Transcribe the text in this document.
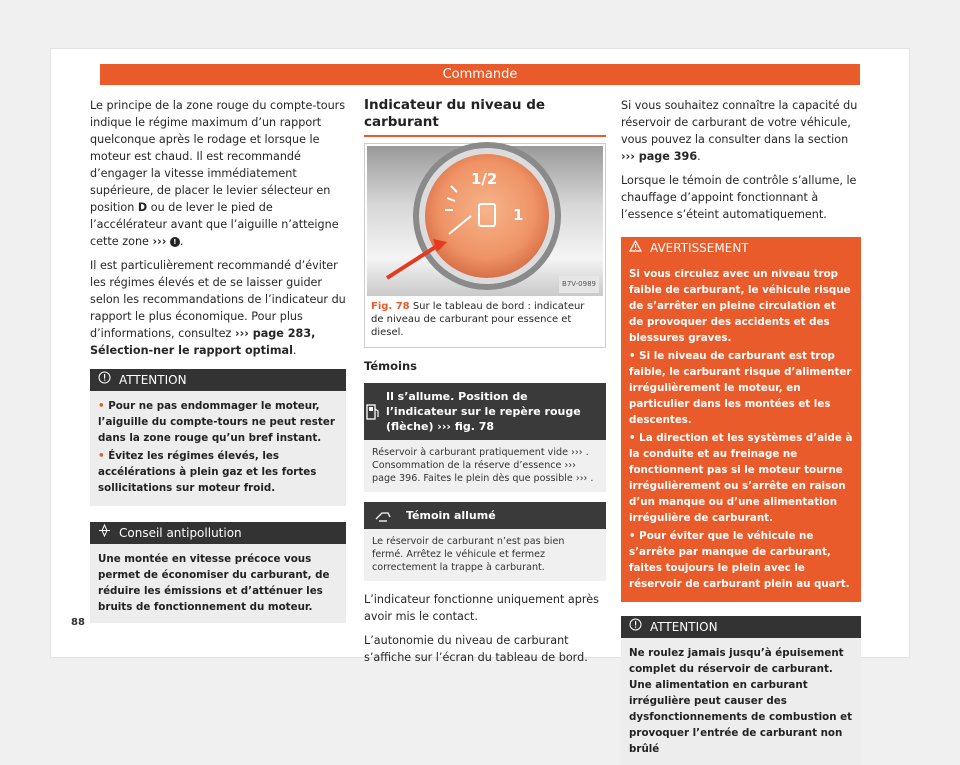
Commande

Le principe de la zone rouge du compte-tours indique le régime maximum d’un rapport quelconque après le rodage et lorsque le moteur est chaud. Il est recommandé d’engager la vitesse immédiatement supérieure, de placer le levier sélecteur en position D ou de lever le pied de l’accélérateur avant que l’aiguille n’atteigne cette zone ››› ! .

Il est particulièrement recommandé d’éviter les régimes élevés et de se laisser guider selon les recommandations de l’indicateur du rapport le plus économique. Pour plus d’informations, consultez ››› page 283, Sélection-ner le rapport optimal.

ATTENTION
• Pour ne pas endommager le moteur, l’aiguille du compte-tours ne peut rester dans la zone rouge qu’un bref instant.
• Évitez les régimes élevés, les accélérations à plein gaz et les fortes sollicitations sur moteur froid.
Conseil antipollution
Une montée en vitesse précoce vous permet de économiser du carburant, de réduire les émissions et d’atténuer les bruits de fonctionnement du moteur.
Indicateur du niveau de carburant
1/2
1
B7V-0989
Fig. 78 Sur le tableau de bord : indicateur de niveau de carburant pour essence et diesel.
Témoins
Il s’allume. Position de l’indicateur sur le repère rouge (flèche) ››› fig. 78
Réservoir à carburant pratiquement vide ››› . Consommation de la réserve d’essence ››› page 396. Faites le plein dès que possible ››› .
Témoin allumé
Le réservoir de carburant n’est pas bien fermé. Arrêtez le véhicule et fermez correctement la trappe à carburant.

L’indicateur fonctionne uniquement après avoir mis le contact.

L’autonomie du niveau de carburant s’affiche sur l’écran du tableau de bord.

Si vous souhaitez connaître la capacité du réservoir de carburant de votre véhicule, vous pouvez la consulter dans la section ››› page 396.

Lorsque le témoin de contrôle s’allume, le chauffage d’appoint fonctionnant à l’essence s’éteint automatiquement.

AVERTISSEMENT
Si vous circulez avec un niveau trop faible de carburant, le véhicule risque de s’arrêter en pleine circulation et de provoquer des accidents et des blessures graves.
• Si le niveau de carburant est trop faible, le carburant risque d’alimenter irrégulièrement le moteur, en particulier dans les montées et les descentes.
• La direction et les systèmes d’aide à la conduite et au freinage ne fonctionnent pas si le moteur tourne irrégulièrement ou s’arrête en raison d’un manque ou d’une alimentation irrégulière de carburant.
• Pour éviter que le véhicule ne s’arrête par manque de carburant, faites toujours le plein avec le réservoir de carburant plein au quart.
ATTENTION
Ne roulez jamais jusqu’à épuisement complet du réservoir de carburant. Une alimentation en carburant irrégulière peut causer des dysfonctionnements de combustion et provoquer l’entrée de carburant non brûlé
88
